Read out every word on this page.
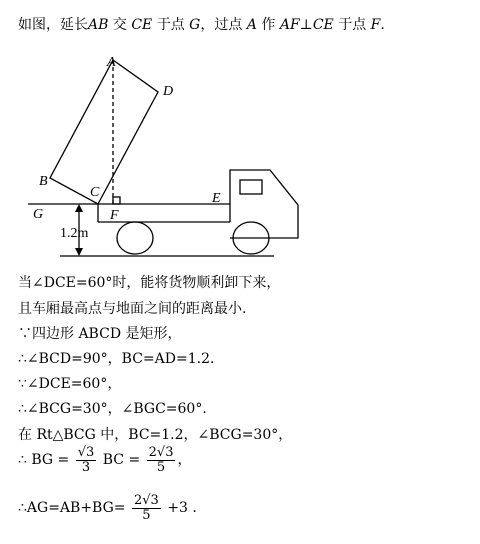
如图，延长AB 交 CE 于点 G，过点 A 作 AF⊥CE 于点 F.
A
D
B
C	E
G	F
1.2m
当∠DCE=60°时，能将货物顺利卸下来，
且车厢最高点与地面之间的距离最小.
∵四边形 ABCD 是矩形，
∴∠BCD=90°，BC=AD=1.2.
∵∠DCE=60°，
∴∠BCG=30°，∠BGC=60°.
在 Rt△BCG 中，BC=1.2，∠BCG=30°，
∴ BG = $\frac{√3}{3}$ BC = $\frac{2√3}{5}$ ，
∴AG=AB+BG= $\frac{2√3}{5} +3$ .
